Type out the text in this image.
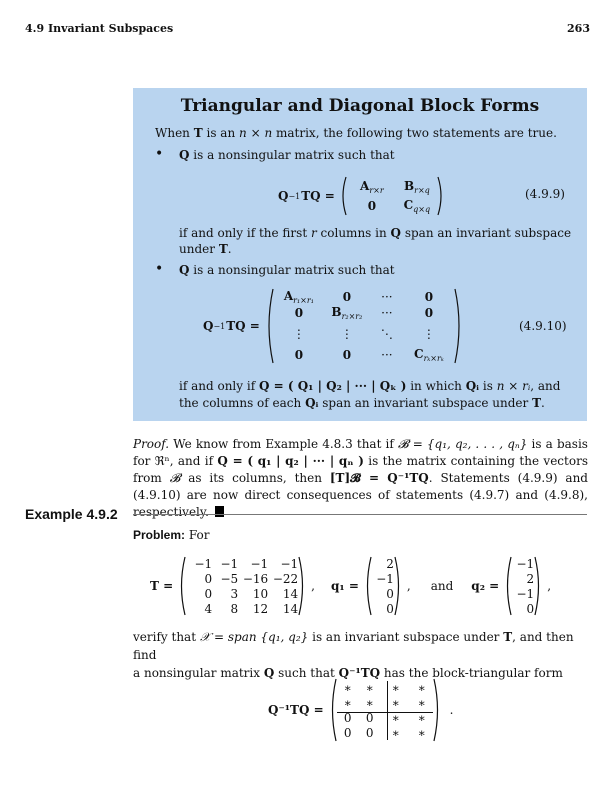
4.9 Invariant Subspaces	263
Triangular and Diagonal Block Forms
When T is an n × n matrix, the following two statements are true.
• Q is a nonsingular matrix such that
Q −1 TQ =
$A_{r\times r}$ $B_{r\times q}$
0 $C_{q\times q}$
(4.9.9)
if and only if the first r columns in Q span an invariant subspace
under T.
• Q is a nonsingular matrix such that
Q −1 TQ =
$A_{r_1\times r_1}$ 0	···	0
0 $B_{r_2\times r_2}$ ···	0
⋮	⋮ ⋱	⋮
0	0	··· $C_{r_k\times r_k}$
(4.9.10)
if and only if Q = ( Q₁ | Q₂ | ··· | Qₖ ) in which Qᵢ is n × rᵢ, and
the columns of each Qᵢ span an invariant subspace under T.
Proof. We know from Example 4.8.3 that if 𝓑 = {q₁, q₂, . . . , qₙ} is a basis for ℜⁿ, and if Q = ( q₁ | q₂ | ··· | qₙ ) is the matrix containing the vectors from 𝓑 as its columns, then [T]𝓑 = Q⁻¹TQ. Statements (4.9.9) and (4.9.10) are now direct consequences of statements (4.9.7) and (4.9.8), respectively.
Example 4.9.2
Problem: For
T =
−1 −1 −1 −1
0 −5 −16 −22
0 3 10 14
4 8 12 14
, q₁ =
2
−1
0
0
, and q₂ =
−1
2
−1
0
,
verify that 𝒳 = span {q₁, q₂} is an invariant subspace under T, and then find
a nonsingular matrix Q such that Q⁻¹TQ has the block-triangular form
Q⁻¹TQ =
∗ ∗ ∗ ∗
∗ ∗ ∗ ∗
0 0 ∗ ∗
0 0 ∗ ∗
.
